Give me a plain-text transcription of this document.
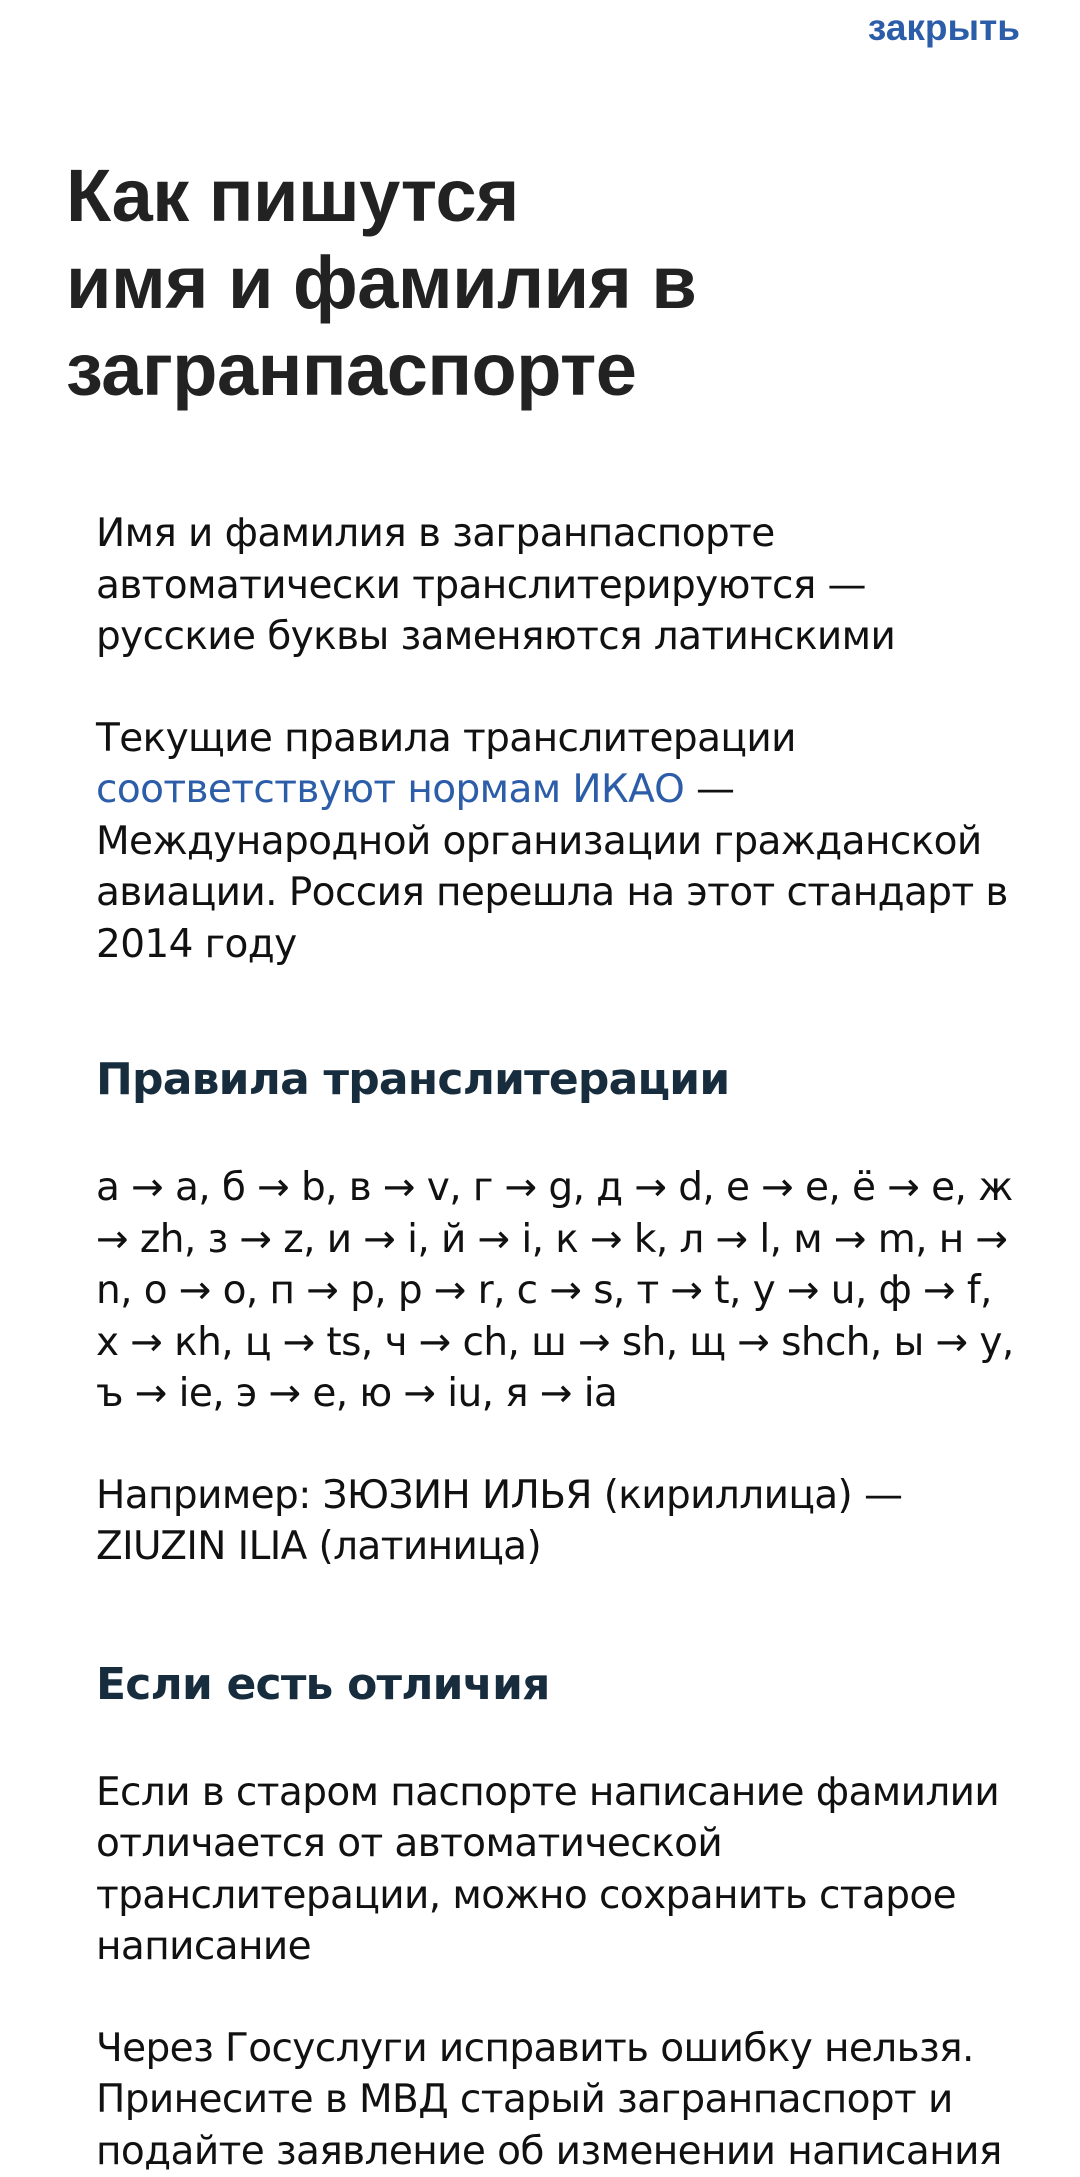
закрыть
Как пишутся
имя и фамилия в
загранпаспорте

Имя и фамилия в загранпаспорте автоматически транслитерируются — русские буквы заменяются латинскими

Текущие правила транслитерации соответствуют нормам ИКАО — Международной организации гражданской авиации. Россия перешла на этот стандарт в 2014 году

Правила транслитерации

а → a, б → b, в → v, г → g, д → d, е → e, ё → e, ж → zh, з → z, и → i, й → i, к → k, л → l, м → m, н → n, о → o, п → p, р → r, с → s, т → t, у → u, ф → f, х → кh, ц → ts, ч → ch, ш → sh, щ → shch, ы → y, ъ → ie, э → e, ю → iu, я → ia

Например: ЗЮЗИН ИЛЬЯ (кириллица) — ZIUZIN ILIA (латиница)

Если есть отличия

Если в старом паспорте написание фамилии отличается от автоматической транслитерации, можно сохранить старое написание

Через Госуслуги исправить ошибку нельзя. Принесите в МВД старый загранпаспорт и подайте заявление об изменении написания
